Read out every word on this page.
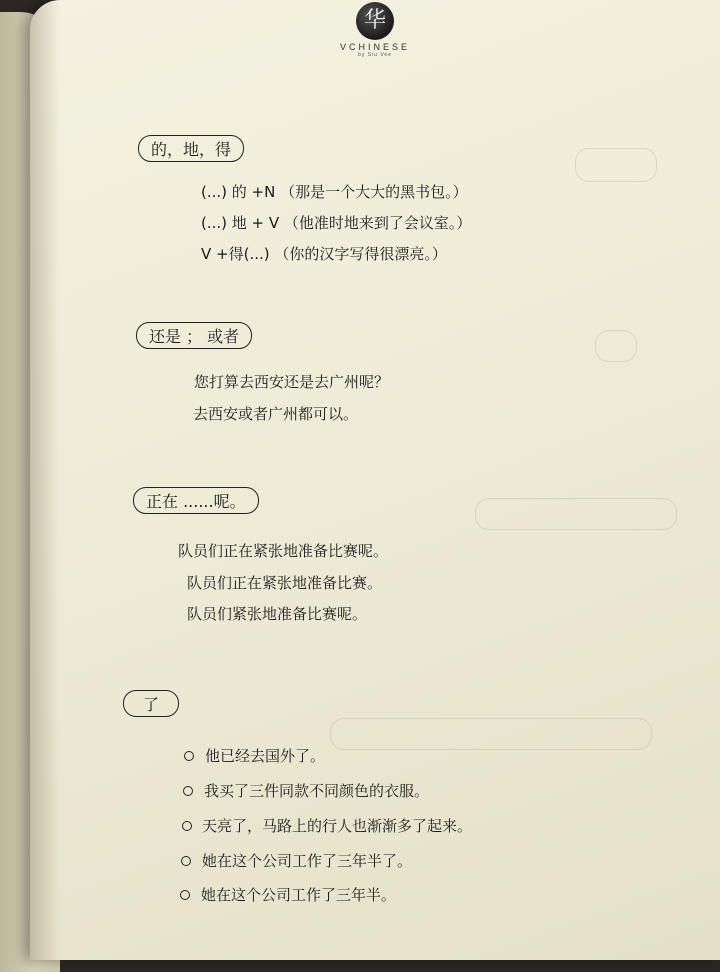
华
VCHINESE
by Siu Vee
的，地，得
(...) 的 +N （那是一个大大的黑书包。）
(...) 地 + V （他准时地来到了会议室。）
V +得(...) （你的汉字写得很漂亮。）
还是 ； 或者
您打算去西安还是去广州呢？
去西安或者广州都可以。
正在 ......呢。
队员们正在紧张地准备比赛呢。
队员们正在紧张地准备比赛。
队员们紧张地准备比赛呢。
了
他已经去国外了。
我买了三件同款不同颜色的衣服。
天亮了，马路上的行人也渐渐多了起来。
她在这个公司工作了三年半了。
她在这个公司工作了三年半。
